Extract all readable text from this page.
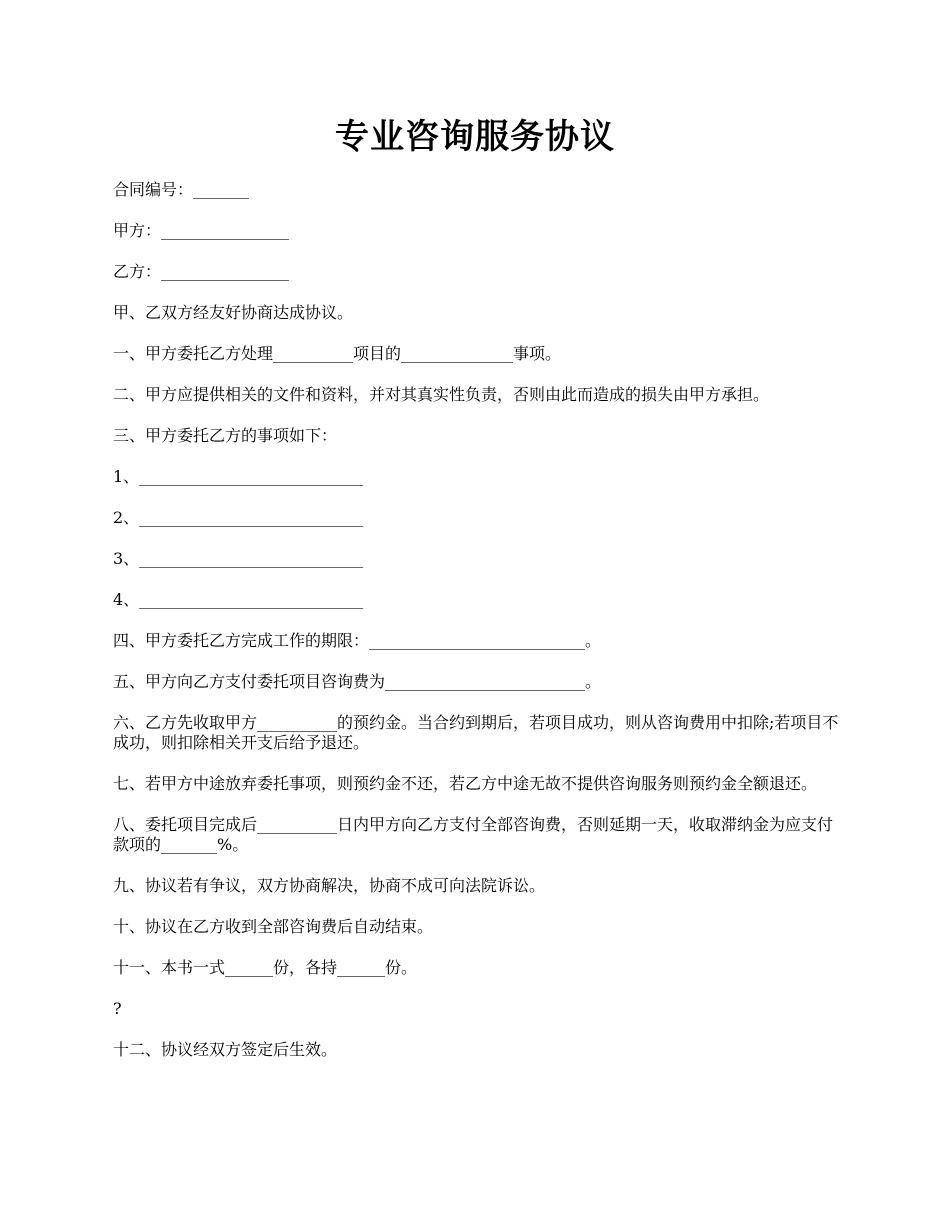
专业咨询服务协议

合同编号：_______

甲方：________________

乙方：________________

甲、乙双方经友好协商达成协议。

一、甲方委托乙方处理__________项目的______________事项。

二、甲方应提供相关的文件和资料，并对其真实性负责，否则由此而造成的损失由甲方承担。

三、甲方委托乙方的事项如下：

1、____________________________

2、____________________________

3、____________________________

4、____________________________

四、甲方委托乙方完成工作的期限：___________________________。

五、甲方向乙方支付委托项目咨询费为_________________________。

六、乙方先收取甲方__________的预约金。当合约到期后，若项目成功，则从咨询费用中扣除;若项目不成功，则扣除相关开支后给予退还。

七、若甲方中途放弃委托事项，则预约金不还，若乙方中途无故不提供咨询服务则预约金全额退还。

八、委托项目完成后__________日内甲方向乙方支付全部咨询费，否则延期一天，收取滞纳金为应支付款项的_______%。

九、协议若有争议，双方协商解决，协商不成可向法院诉讼。

十、协议在乙方收到全部咨询费后自动结束。

十一、本书一式______份，各持______份。

?

十二、协议经双方签定后生效。
